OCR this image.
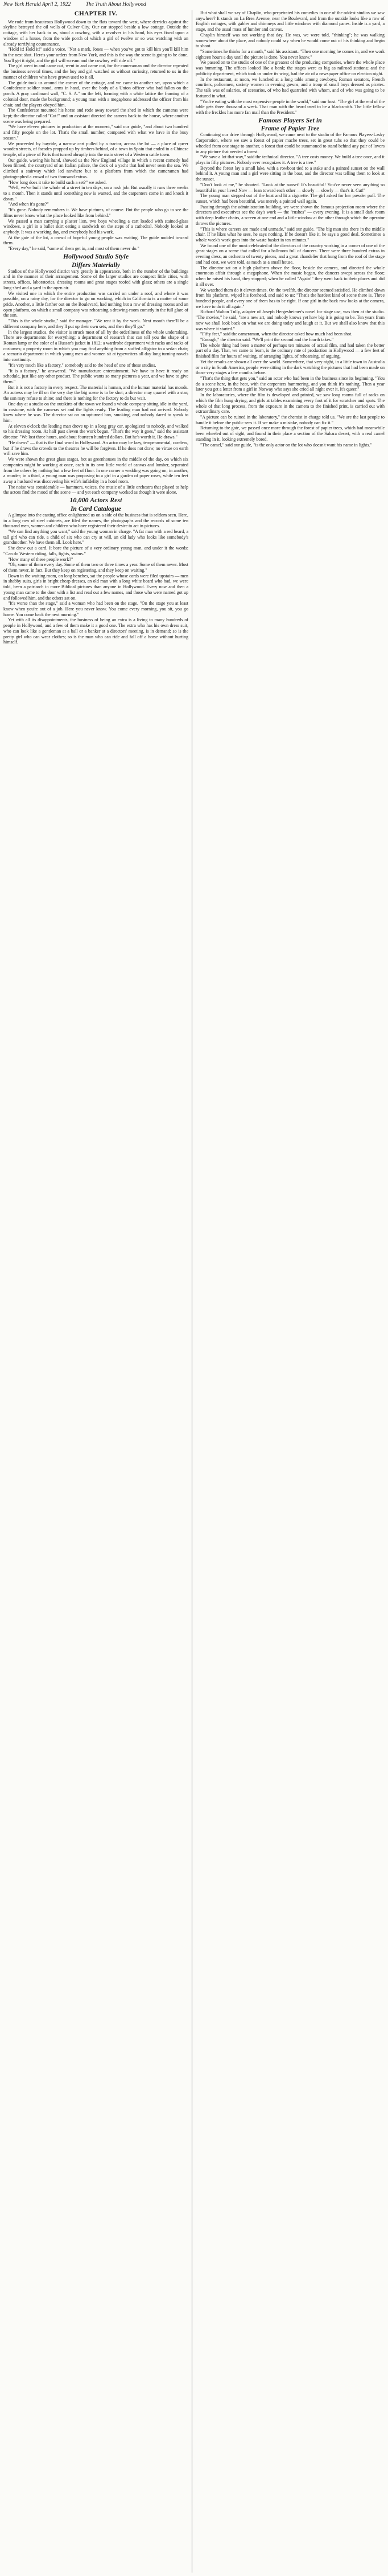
New York Herald April 2, 1922	The Truth About Hollywood
CHAPTER IV.

We rode from beauteous Hollywood down to the flats toward the west, where derricks against the skyline betrayed the oil wells of Culver City. Our car stopped beside a low cottage. Outside the cottage, with her back to us, stood a cowboy, with a revolver in his hand, his eyes fixed upon a window of a house, from the wide porch of which a girl of twelve or so was watching with an already terrifying countenance.

"Hold it! Hold it!" said a voice. "Not a mark, Jones — when you've got to kill him you'll kill him in the next shot. Here's your orders from New York, and this is the way the scene is going to be done. You'll get it right, and the girl will scream and the cowboy will ride off."

The girl went in and came out, went in and came out, for the cameraman and the director repeated the business several times, and the boy and girl watched us without curiosity, returned to us in the manner of children who have grown used to it all.

The guide took us around the corner of the cottage, and we came to another set, upon which a Confederate soldier stood, arms in hand, over the body of a Union officer who had fallen on the porch. A gray cardboard wall, "C. S. A." on the left, forming with a white lattice the framing of a colonial door, made the background; a young man with a megaphone addressed the officer from his chair, and the players obeyed him.

The Confederate mounted his horse and rode away toward the shed in which the cameras were kept; the director called "Cut!" and an assistant directed the camera back to the house, where another scene was being prepared.

"We have eleven pictures in production at the moment," said our guide, "and about two hundred and fifty people on the lot. That's the small number, compared with what we have in the busy season."

We proceeded by hayride, a narrow cart pulled by a tractor, across the lot — a place of queer wooden streets, of facades propped up by timbers behind, of a town in Spain that ended in a Chinese temple, of a piece of Paris that turned abruptly into the main street of a Western cattle town.

Our guide, waving his hand, showed us the New England village in which a recent comedy had been filmed, the courtyard of an Italian palace, the deck of a yacht that had never seen the sea. We climbed a stairway which led nowhere but to a platform from which the cameramen had photographed a crowd of two thousand extras.

"How long does it take to build such a set?" we asked.

"Well, we've built the whole of a street in ten days, on a rush job. But usually it runs three weeks to a month. Then it stands until something new is wanted, and the carpenters come in and knock it down."

"And when it's gone?"

"It's gone. Nobody remembers it. We have pictures, of course. But the people who go to see the films never know what the place looked like from behind."

We passed a man carrying a plaster lion, two boys wheeling a cart loaded with stained-glass windows, a girl in a ballet skirt eating a sandwich on the steps of a cathedral. Nobody looked at anybody. It was a working day, and everybody had his work.

At the gate of the lot, a crowd of hopeful young people was waiting. The guide nodded toward them.

"Every day," he said, "some of them get in, and most of them never do."

Hollywood Studio Style
Differs Materially

Studios of the Hollywood district vary greatly in appearance, both in the number of the buildings and in the manner of their arrangement. Some of the larger studios are compact little cities, with streets, offices, laboratories, dressing rooms and great stages roofed with glass; others are a single long shed and a yard in the open air.

We visited one in which the entire production was carried on under a roof, and where it was possible, on a rainy day, for the director to go on working, which in California is a matter of some pride. Another, a little farther out on the Boulevard, had nothing but a row of dressing rooms and an open platform, on which a small company was rehearsing a drawing-room comedy in the full glare of the sun.

"This is the whole studio," said the manager. "We rent it by the week. Next month there'll be a different company here, and they'll put up their own sets, and then they'll go."

In the largest studios, the visitor is struck most of all by the orderliness of the whole undertaking. There are departments for everything: a department of research that can tell you the shape of a Roman lamp or the color of a Hussar's jacket in 1812; a wardrobe department with racks and racks of costumes; a property room in which you may find anything from a stuffed alligator to a sedan chair; a scenario department in which young men and women sit at typewriters all day long turning novels into continuity.

"It's very much like a factory," somebody said to the head of one of these studios.

"It is a factory," he answered. "We manufacture entertainment. We have to have it ready on schedule, just like any other product. The public wants so many pictures a year, and we have to give them."

But it is not a factory in every respect. The material is human, and the human material has moods. An actress may be ill on the very day the big scene is to be shot; a director may quarrel with a star; the sun may refuse to shine; and there is nothing for the factory to do but wait.

One day at a studio on the outskirts of the town we found a whole company sitting idle in the yard, in costume, with the cameras set and the lights ready. The leading man had not arrived. Nobody knew where he was. The director sat on an upturned box, smoking, and nobody dared to speak to him.

At eleven o'clock the leading man drove up in a long gray car, apologized to nobody, and walked to his dressing room. At half past eleven the work began. "That's the way it goes," said the assistant director. "We lost three hours, and about fourteen hundred dollars. But he's worth it. He draws."

"He draws" — that is the final word in Hollywood. An actor may be lazy, temperamental, careless, but if he draws the crowds to the theatres he will be forgiven. If he does not draw, no virtue on earth will save him.

We were shown the great glass stages, hot as greenhouses in the middle of the day, on which six companies might be working at once, each in its own little world of canvas and lumber, separated from the others by nothing but a few feet of floor. In one corner a wedding was going on; in another, a murder; in a third, a young man was proposing to a girl in a garden of paper roses, while ten feet away a husband was discovering his wife's infidelity in a hotel room.

The noise was considerable — hammers, voices, the music of a little orchestra that played to help the actors find the mood of the scene — and yet each company worked as though it were alone.

10,000 Actors Rest
In Card Catalogue

A glimpse into the casting office enlightened us on a side of the business that is seldom seen. Here, in a long row of steel cabinets, are filed the names, the photographs and the records of some ten thousand men, women and children who have registered their desire to act in pictures.

"We can find anything you want," said the young woman in charge. "A fat man with a red beard, a tall girl who can ride, a child of six who can cry at will, an old lady who looks like somebody's grandmother. We have them all. Look here."

She drew out a card. It bore the picture of a very ordinary young man, and under it the words: "Can do Western riding, falls, fights, swims."

"How many of these people work?"

"Oh, some of them every day. Some of them two or three times a year. Some of them never. Most of them never, in fact. But they keep on registering, and they keep on waiting."

Down in the waiting room, on long benches, sat the people whose cards were filed upstairs — men in shabby suits, girls in bright cheap dresses, an old man with a long white beard who had, we were told, been a patriarch in more Biblical pictures than anyone in Hollywood. Every now and then a young man came to the door with a list and read out a few names, and those who were named got up and followed him, and the others sat on.

"It's worse than the stage," said a woman who had been on the stage. "On the stage you at least know when you're out of a job. Here you never know. You come every morning, you sit, you go home. You come back the next morning."

Yet with all its disappointments, the business of being an extra is a living to many hundreds of people in Hollywood, and a few of them make it a good one. The extra who has his own dress suit, who can look like a gentleman at a ball or a banker at a directors' meeting, is in demand; so is the pretty girl who can wear clothes; so is the man who can ride and fall off a horse without hurting himself.

But what shall we say of Chaplin, who perpetrated his comedies in one of the oddest studios we saw anywhere? It stands on La Brea Avenue, near the Boulevard, and from the outside looks like a row of English cottages, with gables and chimneys and little windows with diamond panes. Inside is a yard, a stage, and the usual mass of lumber and canvas.

Chaplin himself was not working that day. He was, we were told, "thinking"; he was walking somewhere about the place, and nobody could say when he would come out of his thinking and begin to shoot.

"Sometimes he thinks for a month," said his assistant. "Then one morning he comes in, and we work eighteen hours a day until the picture is done. You never know."

We passed on to the studio of one of the greatest of the producing companies, where the whole place was humming. The offices looked like a bank; the stages were as big as railroad stations; and the publicity department, which took us under its wing, had the air of a newspaper office on election night.

In the restaurant, at noon, we lunched at a long table among cowboys, Roman senators, French courtiers, policemen, society women in evening gowns, and a troop of small boys dressed as pirates. The talk was of salaries, of scenarios, of who had quarreled with whom, and of who was going to be featured in what.

"You're eating with the most expensive people in the world," said our host. "The girl at the end of the table gets three thousand a week. That man with the beard used to be a blacksmith. The little fellow with the freckles has more fan mail than the President."

Famous Players Set in
Frame of Papier Tree

Continuing our drive through Hollywood, we came next to the studio of the Famous Players-Lasky Corporation, where we saw a forest of papier mache trees, set in great tubs so that they could be wheeled from one stage to another, a forest that could be summoned to stand behind any pair of lovers in any picture that needed a forest.

"We save a lot that way," said the technical director. "A tree costs money. We build a tree once, and it plays in fifty pictures. Nobody ever recognizes it. A tree is a tree."

Beyond the forest lay a small lake, with a rowboat tied to a stake and a painted sunset on the wall behind it. A young man and a girl were sitting in the boat, and the director was telling them to look at the sunset.

"Don't look at me," he shouted. "Look at the sunset! It's beautiful! You've never seen anything so beautiful in your lives! Now — lean toward each other — slowly — slowly — that's it. Cut!"

The young man stepped out of the boat and lit a cigarette. The girl asked for her powder puff. The sunset, which had been beautiful, was merely a painted wall again.

Passing through the administration building, we were shown the famous projection room where the directors and executives see the day's work — the "rushes" — every evening. It is a small dark room with deep leather chairs, a screen at one end and a little window at the other through which the operator throws the pictures.

"This is where careers are made and unmade," said our guide. "The big man sits there in the middle chair. If he likes what he sees, he says nothing. If he doesn't like it, he says a good deal. Sometimes a whole week's work goes into the waste basket in ten minutes."

We found one of the most celebrated of the directors of the country working in a corner of one of the great stages on a scene that called for a ballroom full of dancers. There were three hundred extras in evening dress, an orchestra of twenty pieces, and a great chandelier that hung from the roof of the stage and had cost, we were told, as much as a small house.

The director sat on a high platform above the floor, beside the camera, and directed the whole enormous affair through a megaphone. When the music began, the dancers swept across the floor; when he raised his hand, they stopped; when he called "Again!" they went back to their places and did it all over.

We watched them do it eleven times. On the twelfth, the director seemed satisfied. He climbed down from his platform, wiped his forehead, and said to us: "That's the hardest kind of scene there is. Three hundred people, and every one of them has to be right. If one girl in the back row looks at the camera, we have to do it all again."

Richard Walton Tully, adapter of Joseph Hergesheimer's novel for stage use, was then at the studio. "The movies," he said, "are a new art, and nobody knows yet how big it is going to be. Ten years from now we shall look back on what we are doing today and laugh at it. But we shall also know that this was where it started."

"Fifty feet," said the cameraman, when the director asked how much had been shot.

"Enough," the director said. "We'll print the second and the fourth takes."

The whole thing had been a matter of perhaps ten minutes of actual film, and had taken the better part of a day. That, we came to learn, is the ordinary rate of production in Hollywood — a few feet of finished film for hours of waiting, of arranging lights, of rehearsing, of arguing.

Yet the results are shown all over the world. Somewhere, that very night, in a little town in Australia or a city in South America, people were sitting in the dark watching the pictures that had been made on those very stages a few months before.

"That's the thing that gets you," said an actor who had been in the business since its beginning. "You do a scene here, in the heat, with the carpenters hammering, and you think it's nothing. Then a year later you get a letter from a girl in Norway who says she cried all night over it. It's queer."

In the laboratories, where the film is developed and printed, we saw long rooms full of racks on which the film hung drying, and girls at tables examining every foot of it for scratches and spots. The whole of that long process, from the exposure in the camera to the finished print, is carried out with extraordinary care.

"A picture can be ruined in the laboratory," the chemist in charge told us. "We are the last people to handle it before the public sees it. If we make a mistake, nobody can fix it."

Returning to the gate, we passed once more through the forest of papier trees, which had meanwhile been wheeled out of sight, and found in their place a section of the Sahara desert, with a real camel standing in it, looking extremely bored.

"The camel," said our guide, "is the only actor on the lot who doesn't want his name in lights."
